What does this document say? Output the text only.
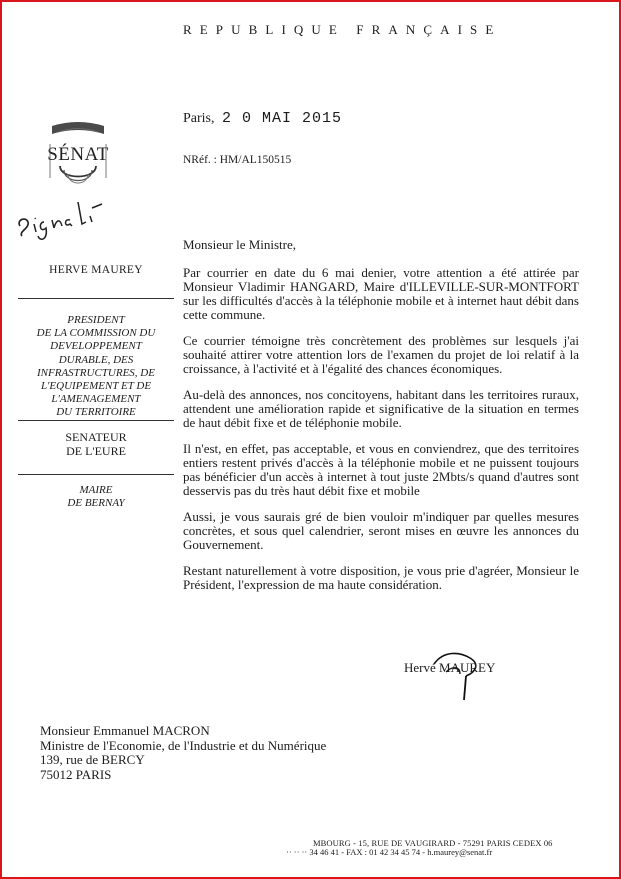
REPUBLIQUE FRANÇAISE
SÉNAT
HERVE MAUREY
PRESIDENT
DE LA COMMISSION DU
DEVELOPPEMENT
DURABLE, DES
INFRASTRUCTURES, DE
L'EQUIPEMENT ET DE
L'AMENAGEMENT
DU TERRITOIRE
SENATEUR
DE L'EURE
MAIRE
DE BERNAY
Paris, 2 0 MAI 2015
NRéf. : HM/AL150515

Monsieur le Ministre,

Par courrier en date du 6 mai denier, votre attention a été attirée par Monsieur Vladimir HANGARD, Maire d'ILLEVILLE-SUR-MONTFORT sur les difficultés d'accès à la téléphonie mobile et à internet haut débit dans cette commune.

Ce courrier témoigne très concrètement des problèmes sur lesquels j'ai souhaité attirer votre attention lors de l'examen du projet de loi relatif à la croissance, à l'activité et à l'égalité des chances économiques.

Au-delà des annonces, nos concitoyens, habitant dans les territoires ruraux, attendent une amélioration rapide et significative de la situation en termes de haut débit fixe et de téléphonie mobile.

Il n'est, en effet, pas acceptable, et vous en conviendrez, que des territoires entiers restent privés d'accès à la téléphonie mobile et ne puissent toujours pas bénéficier d'un accès à internet à tout juste 2Mbts/s quand d'autres sont desservis pas du très haut débit fixe et mobile

Aussi, je vous saurais gré de bien vouloir m'indiquer par quelles mesures concrètes, et sous quel calendrier, seront mises en œuvre les annonces du Gouvernement.

Restant naturellement à votre disposition, je vous prie d'agréer, Monsieur le Président, l'expression de ma haute considération.

Hervé MAUREY
Monsieur Emmanuel MACRON
Ministre de l'Economie, de l'Industrie et du Numérique
139, rue de BERCY
75012 PARIS
MBOURG - 15, RUE DE VAUGIRARD - 75291 PARIS CEDEX 06
·· ·· ·· 34 46 41 - FAX : 01 42 34 45 74 - h.maurey@senat.fr
